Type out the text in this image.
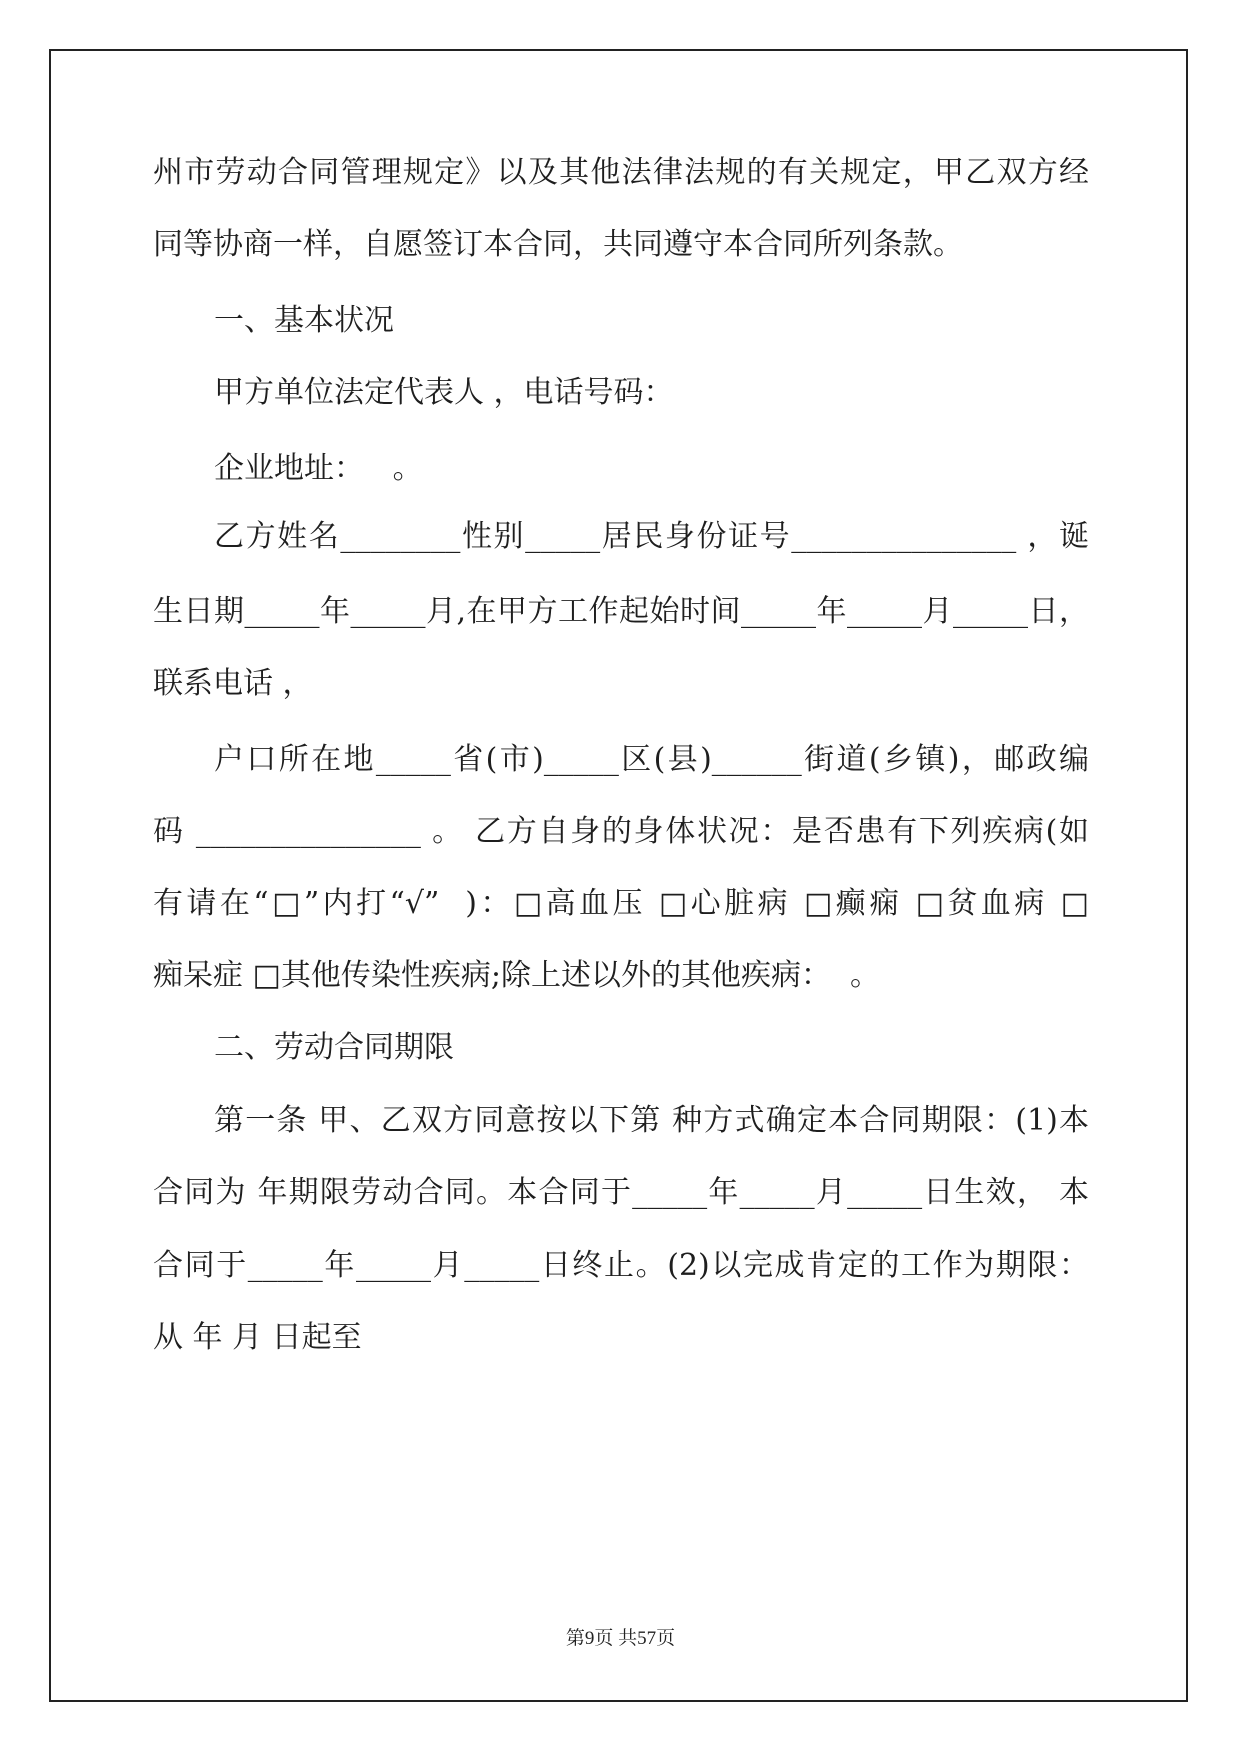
州市劳动合同管理规定》以及其他法律法规的有关规定，甲乙双方经
同等协商一样，自愿签订本合同，共同遵守本合同所列条款。
一、基本状况
甲方单位法定代表人 ，电话号码：
企业地址：   。
乙方姓名________性别_____居民身份证号_______________ ，诞
生日期_____年_____月,在甲方工作起始时间_____年_____月_____日，
联系电话 ，
户口所在地_____省(市)_____区(县)______街道(乡镇)，邮政编
码 _______________ 。 乙方自身的身体状况：是否患有下列疾病(如
有请在“□”内打“√”  )：□高血压 □心脏病 □癫痫 □贫血病 □
痴呆症 □其他传染性疾病;除上述以外的其他疾病：  。
二、劳动合同期限
第一条 甲、乙双方同意按以下第 种方式确定本合同期限：(1)本
合同为 年期限劳动合同。本合同于_____年_____月_____日生效， 本
合同于_____年_____月_____日终止。(2)以完成肯定的工作为期限：
从 年 月 日起至
第9页 共57页
